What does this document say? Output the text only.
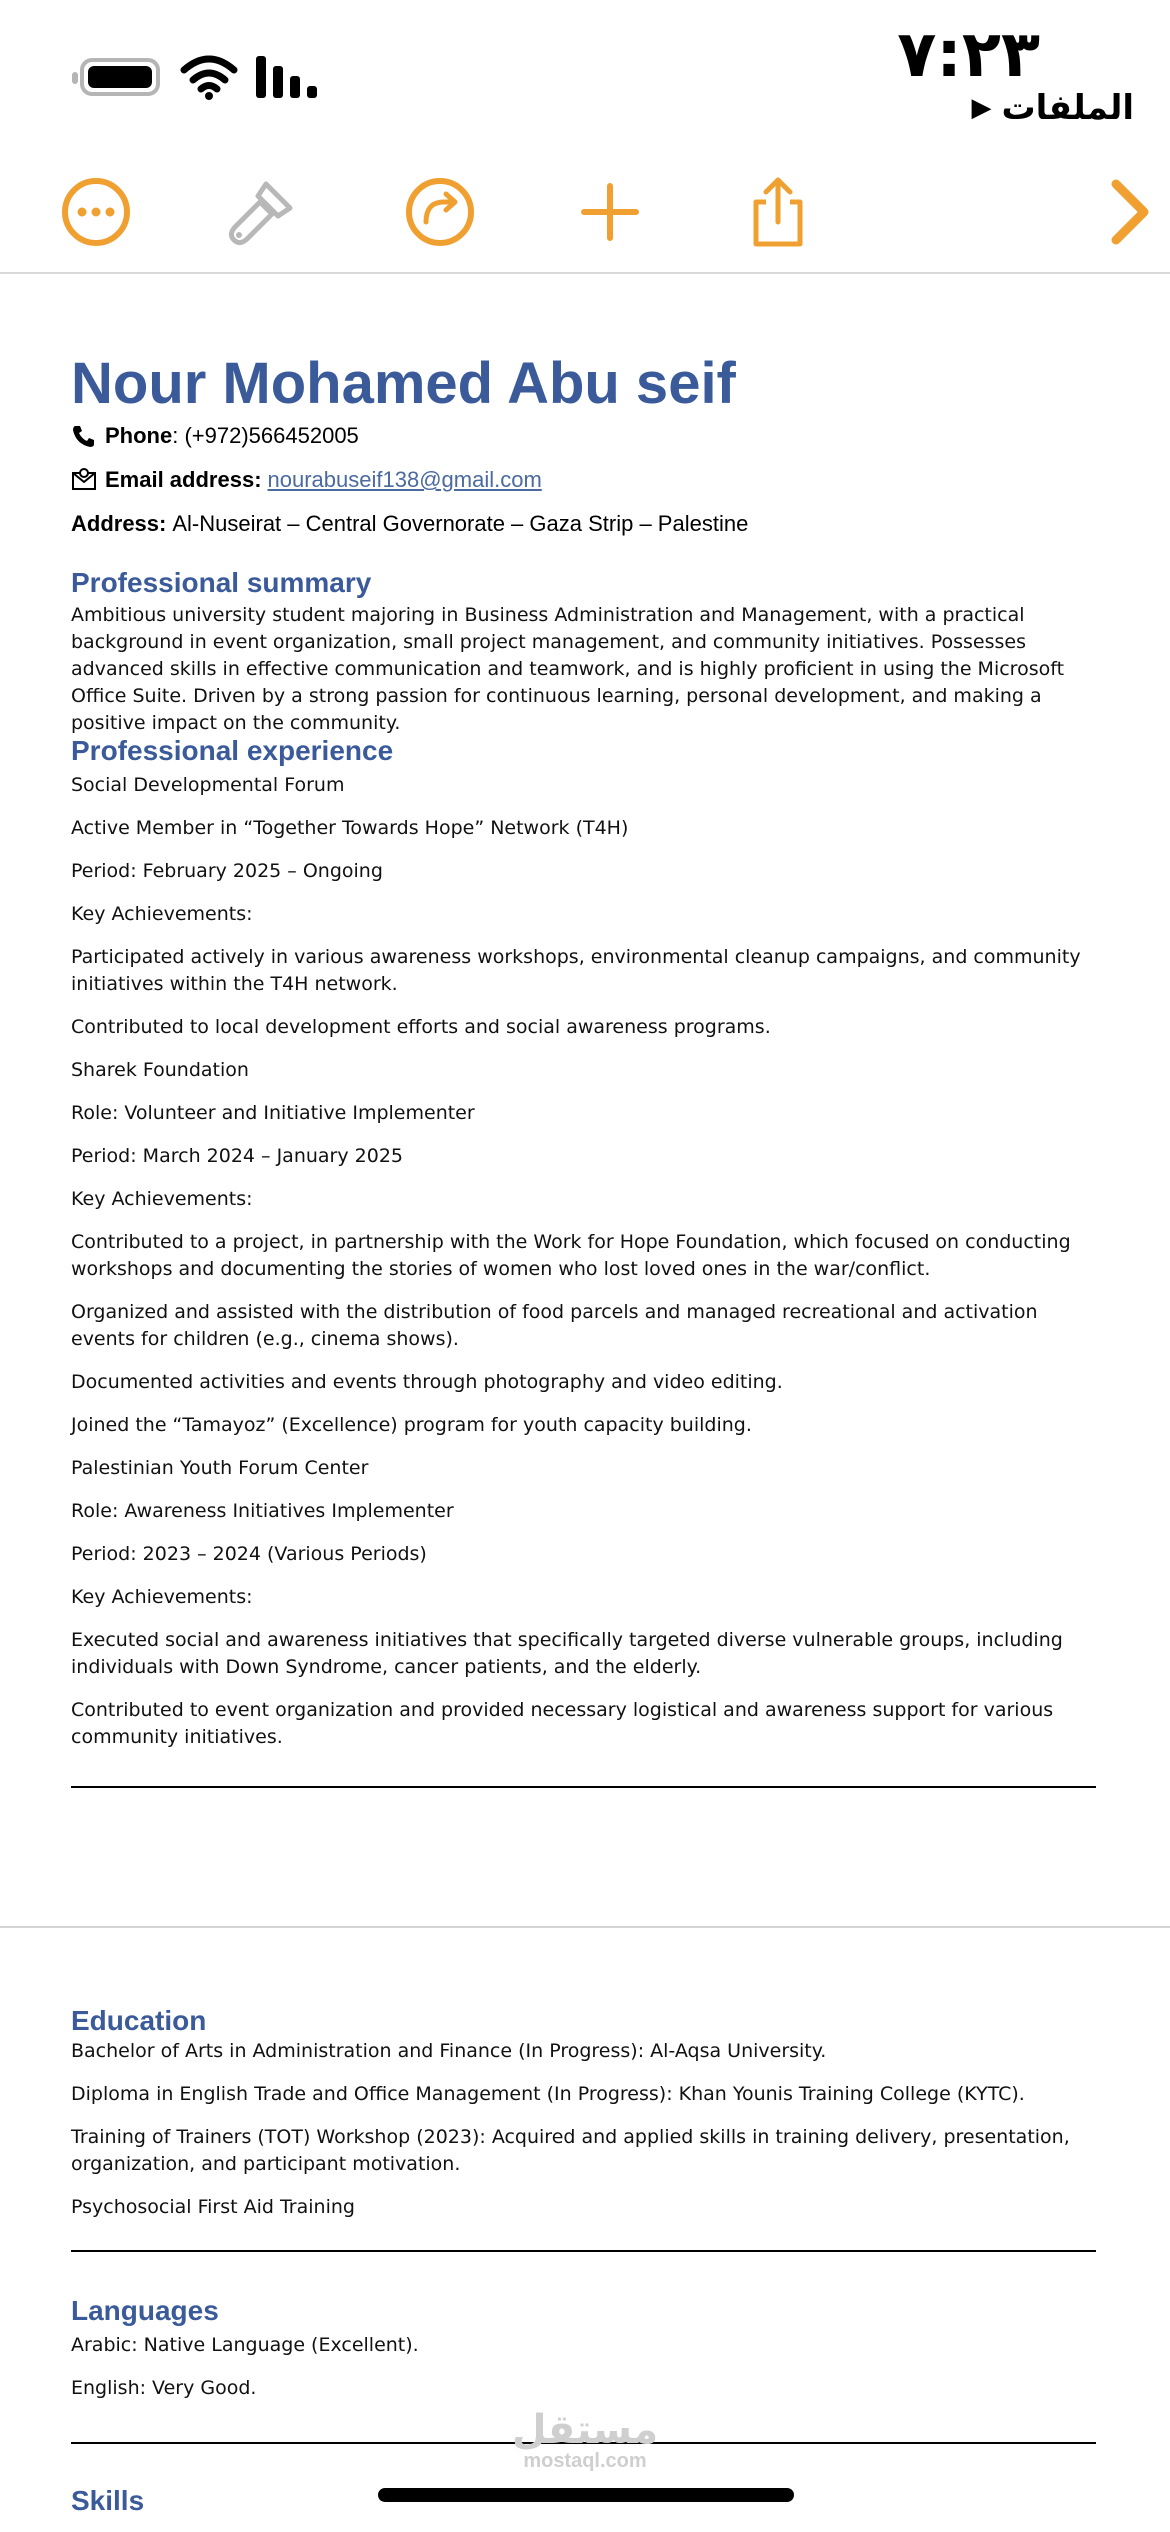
٧:٢٣
الملفات
▶
Nour Mohamed Abu seif
Phone : (+972)566452005
Email address: nourabuseif138@gmail.com
Address: Al-Nuseirat – Central Governorate – Gaza Strip – Palestine
Professional summary

Ambitious university student majoring in Business Administration and Management, with a practical background in event organization, small project management, and community initiatives. Possesses advanced skills in effective communication and teamwork, and is highly proficient in using the Microsoft Office Suite. Driven by a strong passion for continuous learning, personal development, and making a positive impact on the community.

Professional experience

Social Developmental Forum

Active Member in “Together Towards Hope” Network (T4H)

Period: February 2025 – Ongoing

Key Achievements:

Participated actively in various awareness workshops, environmental cleanup campaigns, and community initiatives within the T4H network.

Contributed to local development efforts and social awareness programs.

Sharek Foundation

Role: Volunteer and Initiative Implementer

Period: March 2024 – January 2025

Key Achievements:

Contributed to a project, in partnership with the Work for Hope Foundation, which focused on conducting workshops and documenting the stories of women who lost loved ones in the war/conflict.

Organized and assisted with the distribution of food parcels and managed recreational and activation events for children (e.g., cinema shows).

Documented activities and events through photography and video editing.

Joined the “Tamayoz” (Excellence) program for youth capacity building.

Palestinian Youth Forum Center

Role: Awareness Initiatives Implementer

Period: 2023 – 2024 (Various Periods)

Key Achievements:

Executed social and awareness initiatives that specifically targeted diverse vulnerable groups, including individuals with Down Syndrome, cancer patients, and the elderly.

Contributed to event organization and provided necessary logistical and awareness support for various community initiatives.

Education

Bachelor of Arts in Administration and Finance (In Progress): Al-Aqsa University.

Diploma in English Trade and Office Management (In Progress): Khan Younis Training College (KYTC).

Training of Trainers (TOT) Workshop (2023): Acquired and applied skills in training delivery, presentation, organization, and participant motivation.

Psychosocial First Aid Training

Languages

Arabic: Native Language (Excellent).

English: Very Good.

Skills
مستقل
mostaql.com
